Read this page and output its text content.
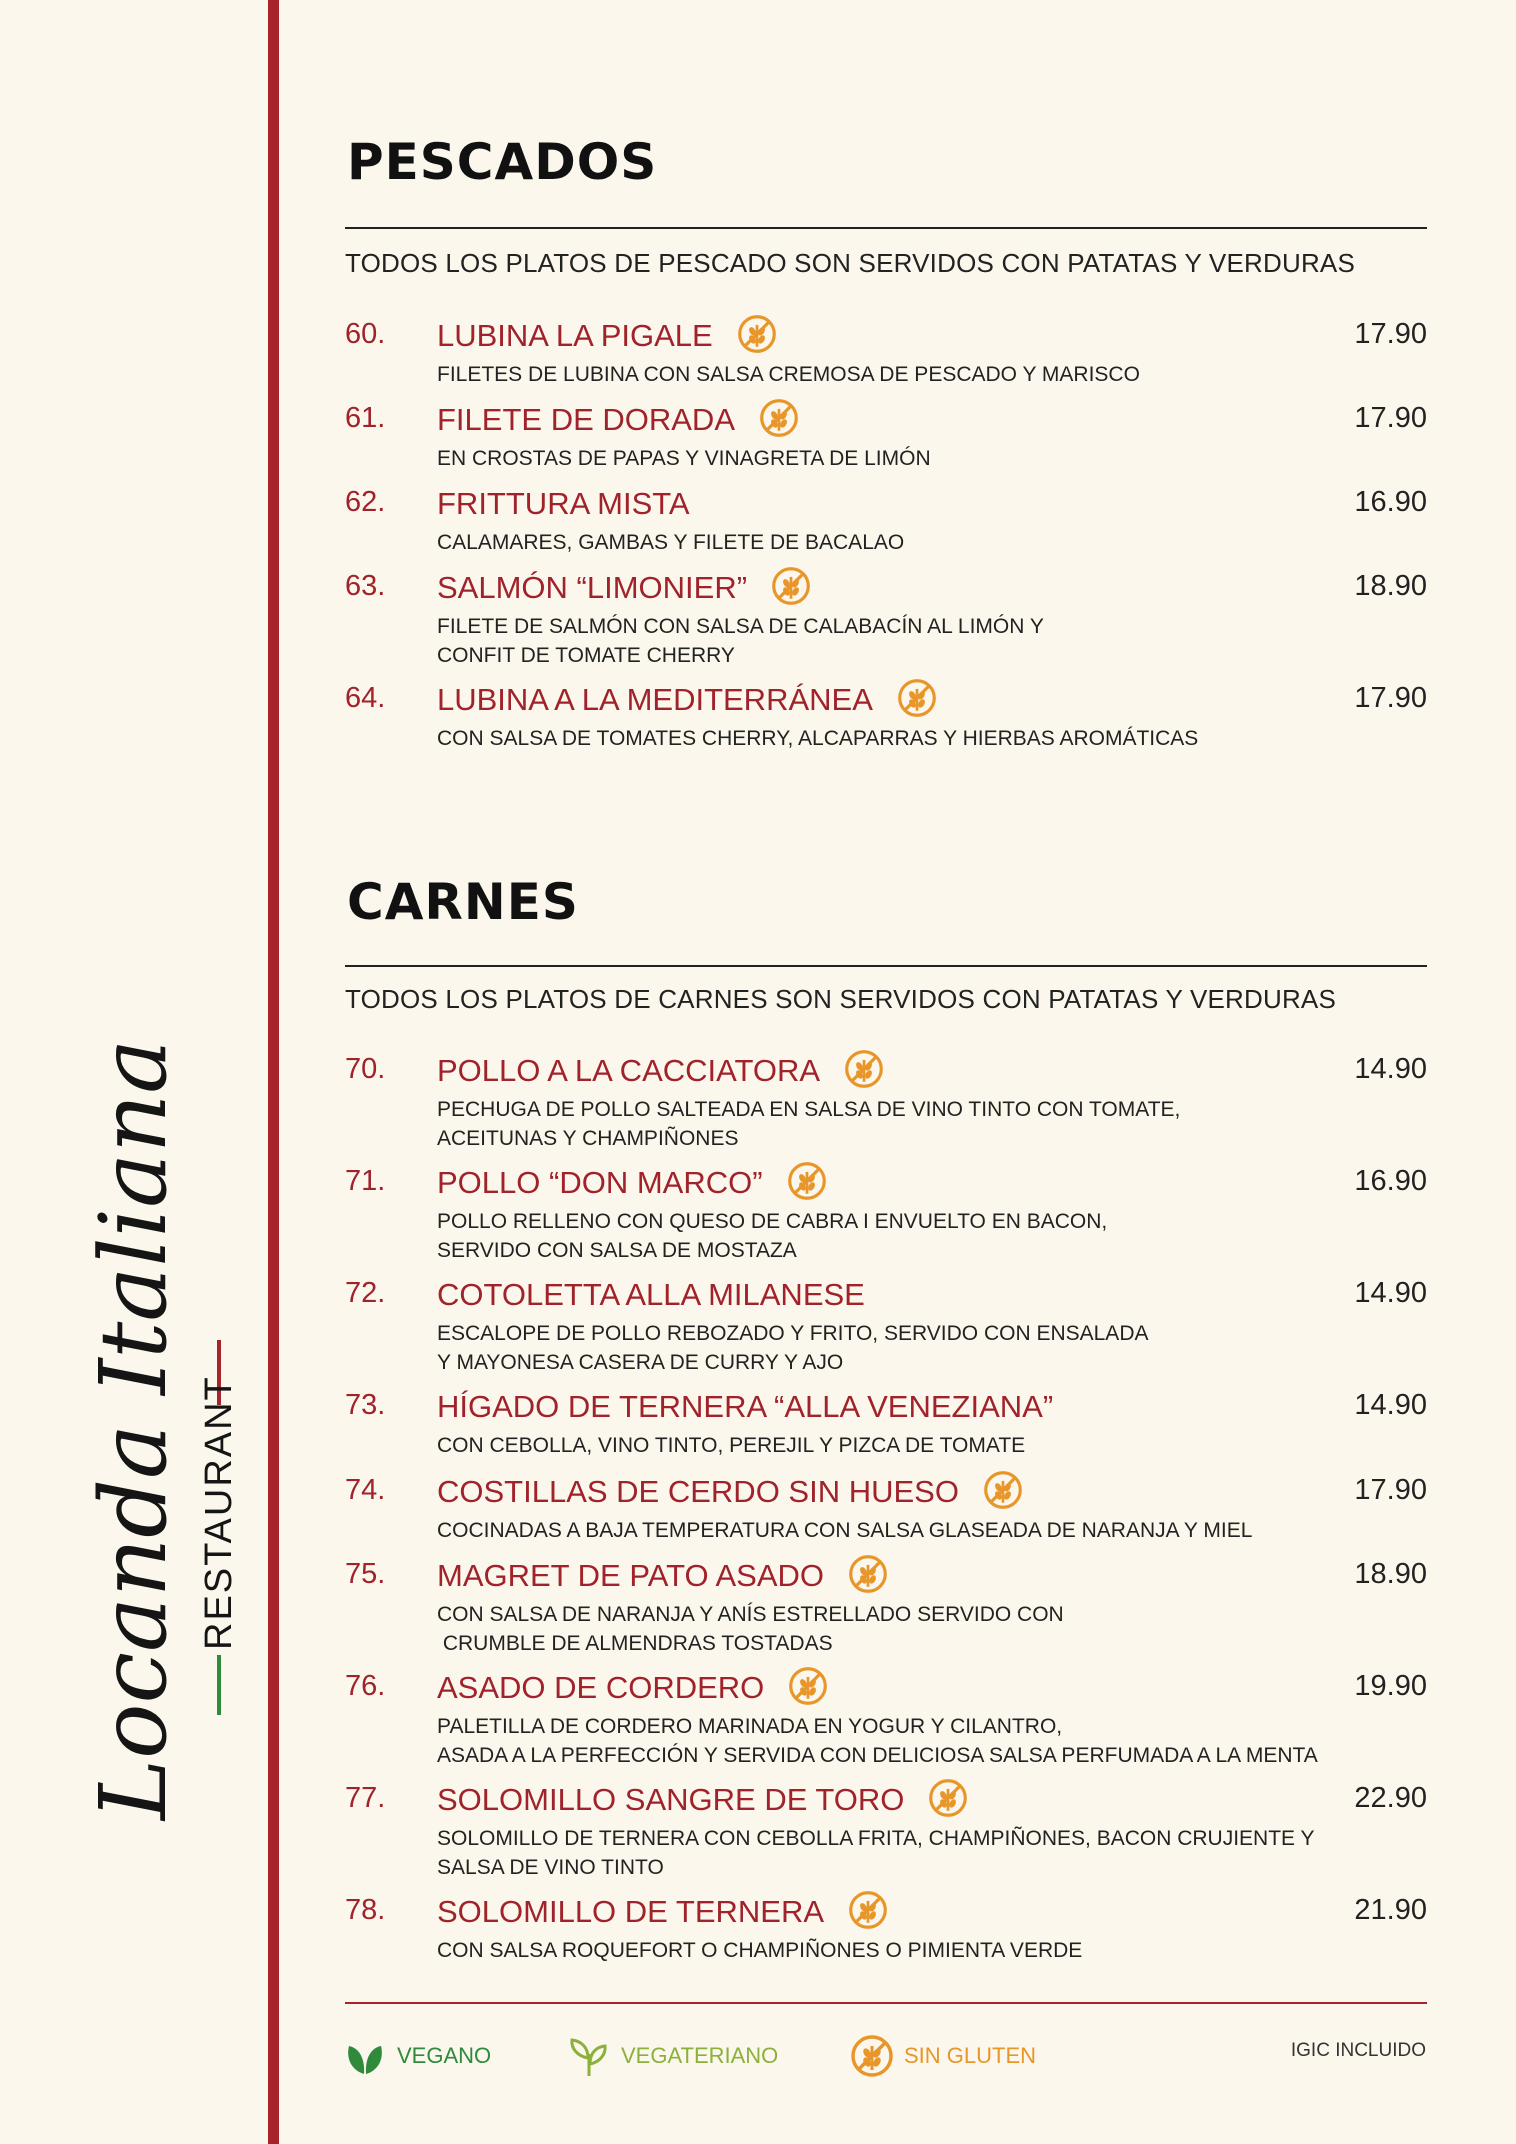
Locanda Italiana RESTAURANT
PESCADOS
TODOS LOS PLATOS DE PESCADO SON SERVIDOS CON PATATAS Y VERDURAS
60. LUBINA LA PIGALE	17.90
FILETES DE LUBINA CON SALSA CREMOSA DE PESCADO Y MARISCO
61. FILETE DE DORADA	17.90
EN CROSTAS DE PAPAS Y VINAGRETA DE LIMÓN
62. FRITTURA MISTA	16.90
CALAMARES, GAMBAS Y FILETE DE BACALAO
63. SALMÓN “LIMONIER”	18.90
FILETE DE SALMÓN CON SALSA DE CALABACÍN AL LIMÓN Y
CONFIT DE TOMATE CHERRY
64. LUBINA A LA MEDITERRÁNEA	17.90
CON SALSA DE TOMATES CHERRY, ALCAPARRAS Y HIERBAS AROMÁTICAS
CARNES
TODOS LOS PLATOS DE CARNES SON SERVIDOS CON PATATAS Y VERDURAS
70. POLLO A LA CACCIATORA	14.90
PECHUGA DE POLLO SALTEADA EN SALSA DE VINO TINTO CON TOMATE,
ACEITUNAS Y CHAMPIÑONES
71. POLLO “DON MARCO”	16.90
POLLO RELLENO CON QUESO DE CABRA I ENVUELTO EN BACON,
SERVIDO CON SALSA DE MOSTAZA
72. COTOLETTA ALLA MILANESE	14.90
ESCALOPE DE POLLO REBOZADO Y FRITO, SERVIDO CON ENSALADA
Y MAYONESA CASERA DE CURRY Y AJO
73. HÍGADO DE TERNERA “ALLA VENEZIANA”	14.90
CON CEBOLLA, VINO TINTO, PEREJIL Y PIZCA DE TOMATE
74. COSTILLAS DE CERDO SIN HUESO	17.90
COCINADAS A BAJA TEMPERATURA CON SALSA GLASEADA DE NARANJA Y MIEL
75. MAGRET DE PATO ASADO	18.90
CON SALSA DE NARANJA Y ANÍS ESTRELLADO SERVIDO CON
CRUMBLE DE ALMENDRAS TOSTADAS
76. ASADO DE CORDERO	19.90
PALETILLA DE CORDERO MARINADA EN YOGUR Y CILANTRO,
ASADA A LA PERFECCIÓN Y SERVIDA CON DELICIOSA SALSA PERFUMADA A LA MENTA
77. SOLOMILLO SANGRE DE TORO	22.90
SOLOMILLO DE TERNERA CON CEBOLLA FRITA, CHAMPIÑONES, BACON CRUJIENTE Y
SALSA DE VINO TINTO
78. SOLOMILLO DE TERNERA	21.90
CON SALSA ROQUEFORT O CHAMPIÑONES O PIMIENTA VERDE
VEGANO	VEGATERIANO	SIN GLUTEN	IGIC INCLUIDO
